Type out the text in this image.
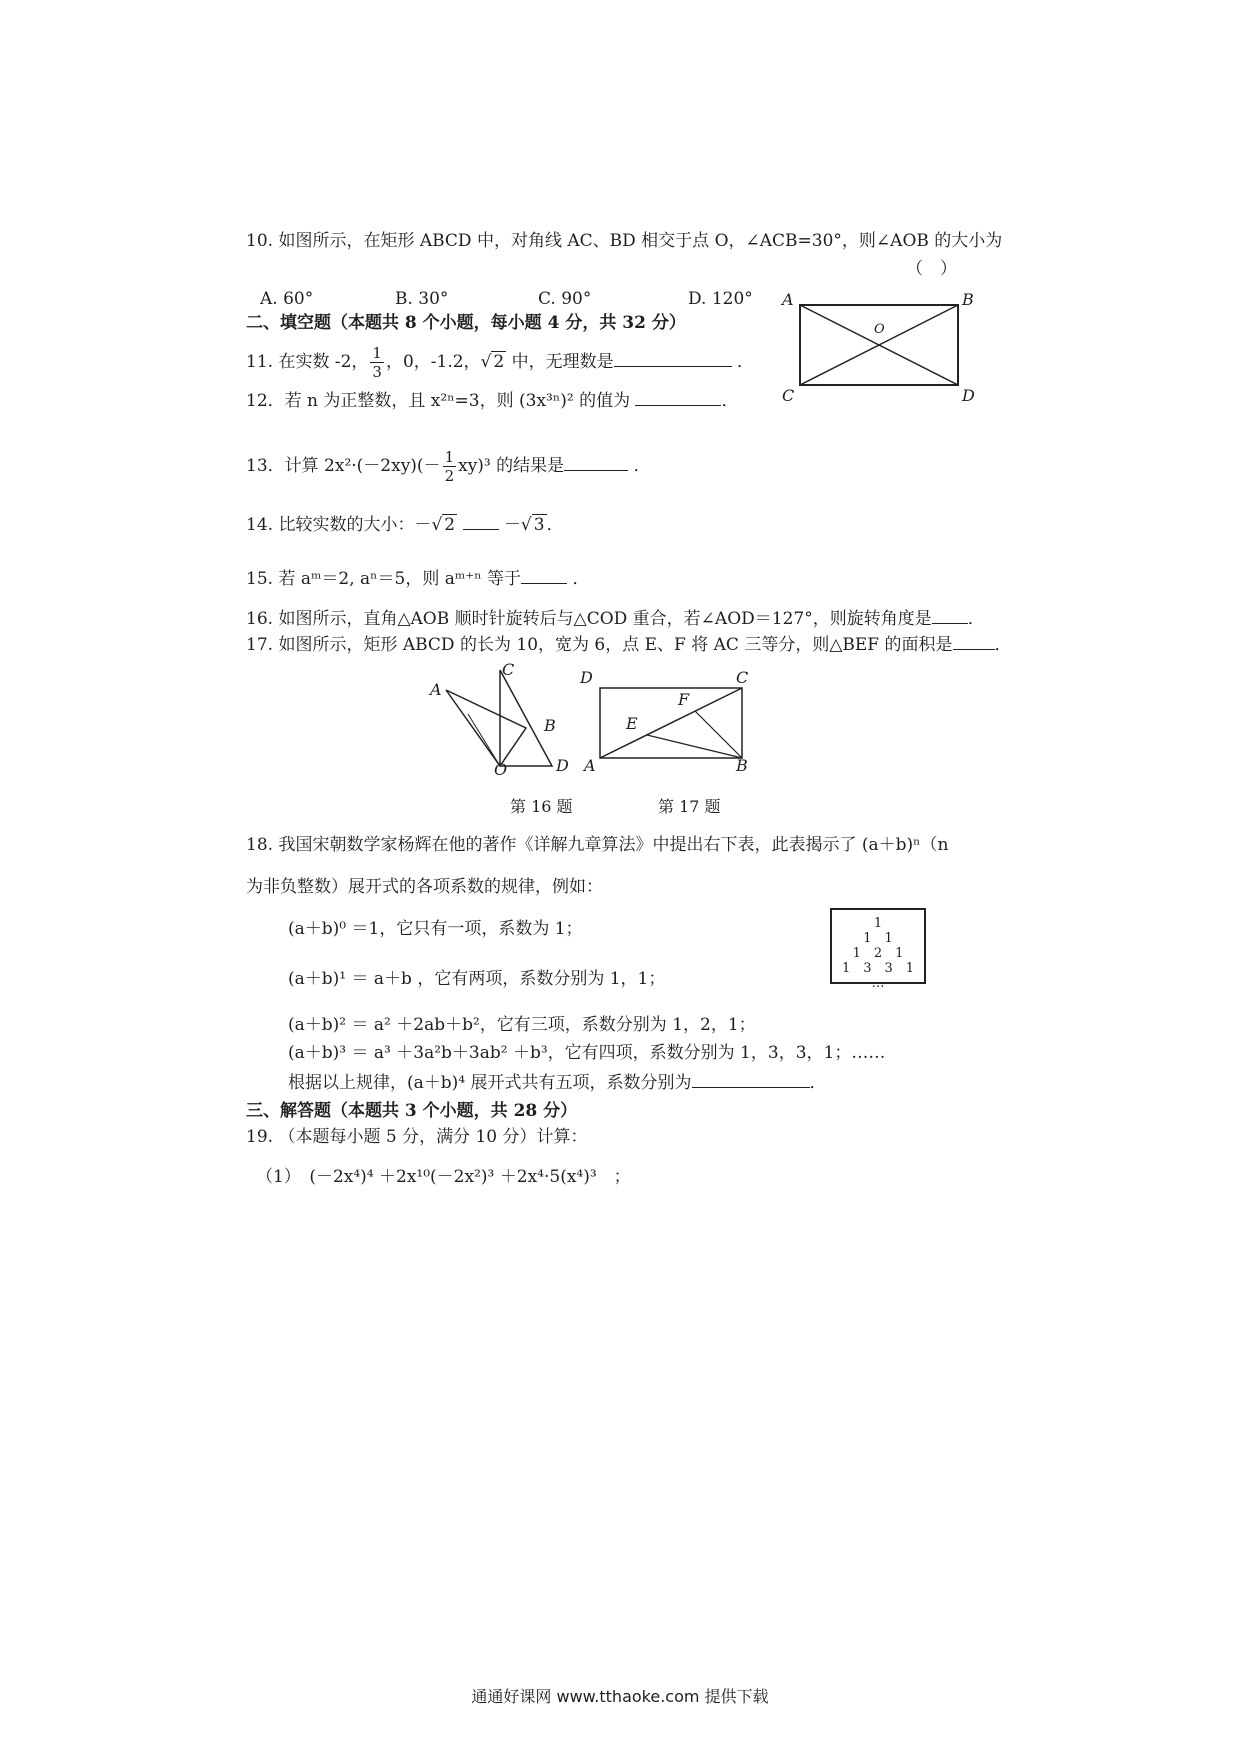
10. 如图所示，在矩形 ABCD 中，对角线 AC、BD 相交于点 O，∠ACB=30°，则∠AOB 的大小为
（　）
A. 60°	B. 30°	C. 90°	D. 120° A	B
C	D
O
二、填空题（本题共 8 个小题，每小题 4 分，共 32 分）
11. 在实数 -2， $\frac{1}{3}$ ，0，-1.2，√ 2 中，无理数是	．
12．若 n 为正整数，且 x²ⁿ=3，则 (3x³ⁿ)² 的值为	．
13．计算 $2x^2\cdot(-2xy)(- \frac{1}{2} xy)^3$ 的结果是	．
14. 比较实数的大小：－√ 2	－√ 3 ．
15. 若 aᵐ＝2, aⁿ＝5，则 aᵐ⁺ⁿ 等于	．
16. 如图所示，直角△AOB 顺时针旋转后与△COD 重合，若∠AOD＝127°，则旋转角度是 ．
17. 如图所示，矩形 ABCD 的长为 10，宽为 6，点 E、F 将 AC 三等分，则△BEF 的面积是 ．
A
C
B
O	D
第 16 题
D	C
F
E
A	B
第 17 题
18. 我国宋朝数学家杨辉在他的著作《详解九章算法》中提出右下表，此表揭示了 (a＋b)ⁿ（n
为非负整数）展开式的各项系数的规律，例如：
(a＋b)⁰ ＝1，它只有一项，系数为 1；
(a＋b)¹ ＝ a＋b ，它有两项，系数分别为 1，1；
(a＋b)² ＝ a² ＋2ab＋b²，它有三项，系数分别为 1，2，1；
(a＋b)³ ＝ a³ ＋3a²b＋3ab² ＋b³，它有四项，系数分别为 1，3，3，1；……
根据以上规律，(a＋b)⁴ 展开式共有五项，系数分别为	．
1
1　1
1　2　1
1　3　3　1
…
三、解答题（本题共 3 个小题，共 28 分）
19. （本题每小题 5 分，满分 10 分）计算：
（1）　(－2x⁴)⁴ ＋2x¹⁰(－2x²)³ ＋2x⁴·5(x⁴)³　；
通通好课网 www.tthaoke.com 提供下载
